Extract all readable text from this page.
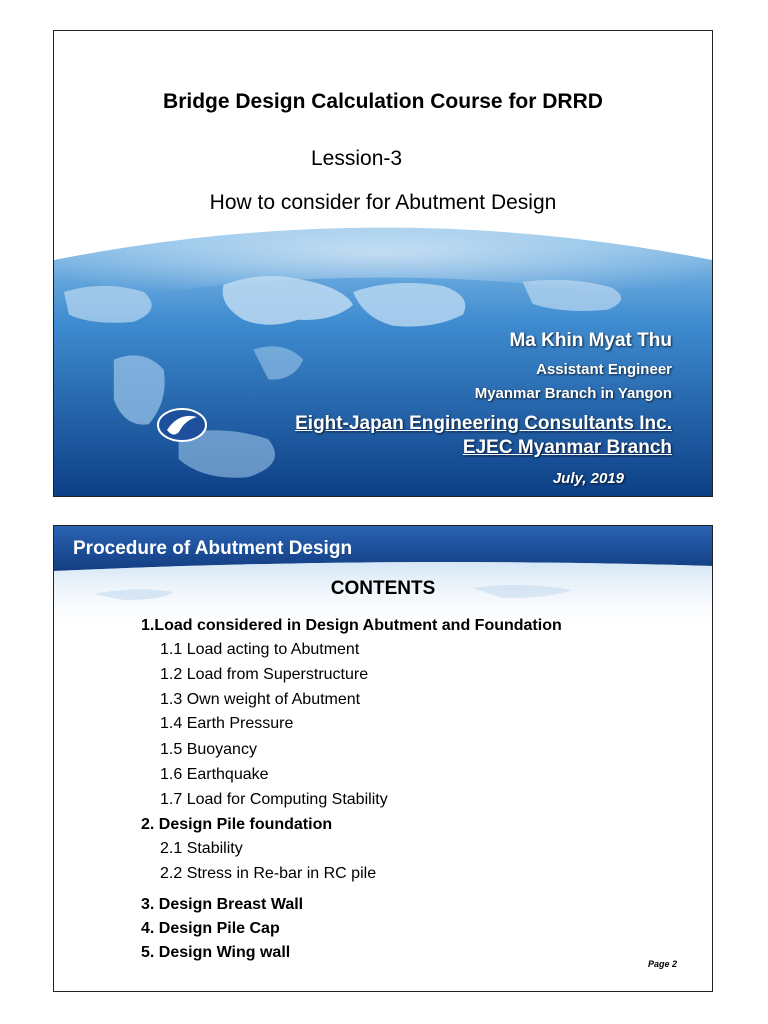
Bridge Design Calculation Course for DRRD
Lession-3
How to consider for Abutment Design
Ma Khin Myat Thu
Assistant Engineer
Myanmar Branch in Yangon
Eight-Japan Engineering Consultants Inc.
EJEC Myanmar Branch
July, 2019
Procedure of Abutment Design
CONTENTS
1.Load considered in Design Abutment and Foundation
1.1 Load acting to Abutment
1.2 Load from Superstructure
1.3 Own weight of Abutment
1.4 Earth Pressure
1.5 Buoyancy
1.6 Earthquake
1.7 Load for Computing Stability
2. Design Pile foundation
2.1 Stability
2.2 Stress in Re-bar in RC pile
3. Design Breast Wall
4. Design Pile Cap
5. Design Wing wall
Page 2
